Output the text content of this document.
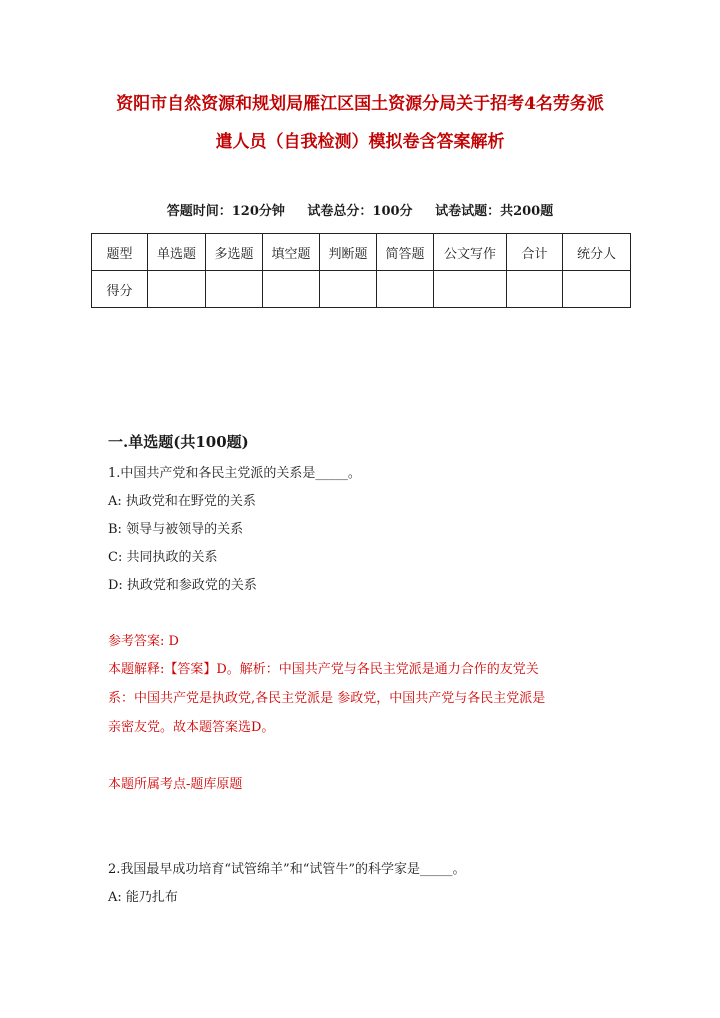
资阳市自然资源和规划局雁江区国土资源分局关于招考4名劳务派
遣人员（自我检测）模拟卷含答案解析
答题时间：120分钟 试卷总分：100分 试卷试题：共200题
题型	单选题	多选题	填空题	判断题	简答题	公文写作	合计	统分人
得分								
一.单选题(共100题)
1.中国共产党和各民主党派的关系是_____。
A: 执政党和在野党的关系
B: 领导与被领导的关系
C: 共同执政的关系
D: 执政党和参政党的关系
参考答案: D
本题解释:【答案】D。解析：中国共产党与各民主党派是通力合作的友党关
系：中国共产党是执政党,各民主党派是 参政党，中国共产党与各民主党派是
亲密友党。故本题答案选D。
本题所属考点-题库原题
2.我国最早成功培育“试管绵羊”和“试管牛”的科学家是_____。
A: 能乃扎布
